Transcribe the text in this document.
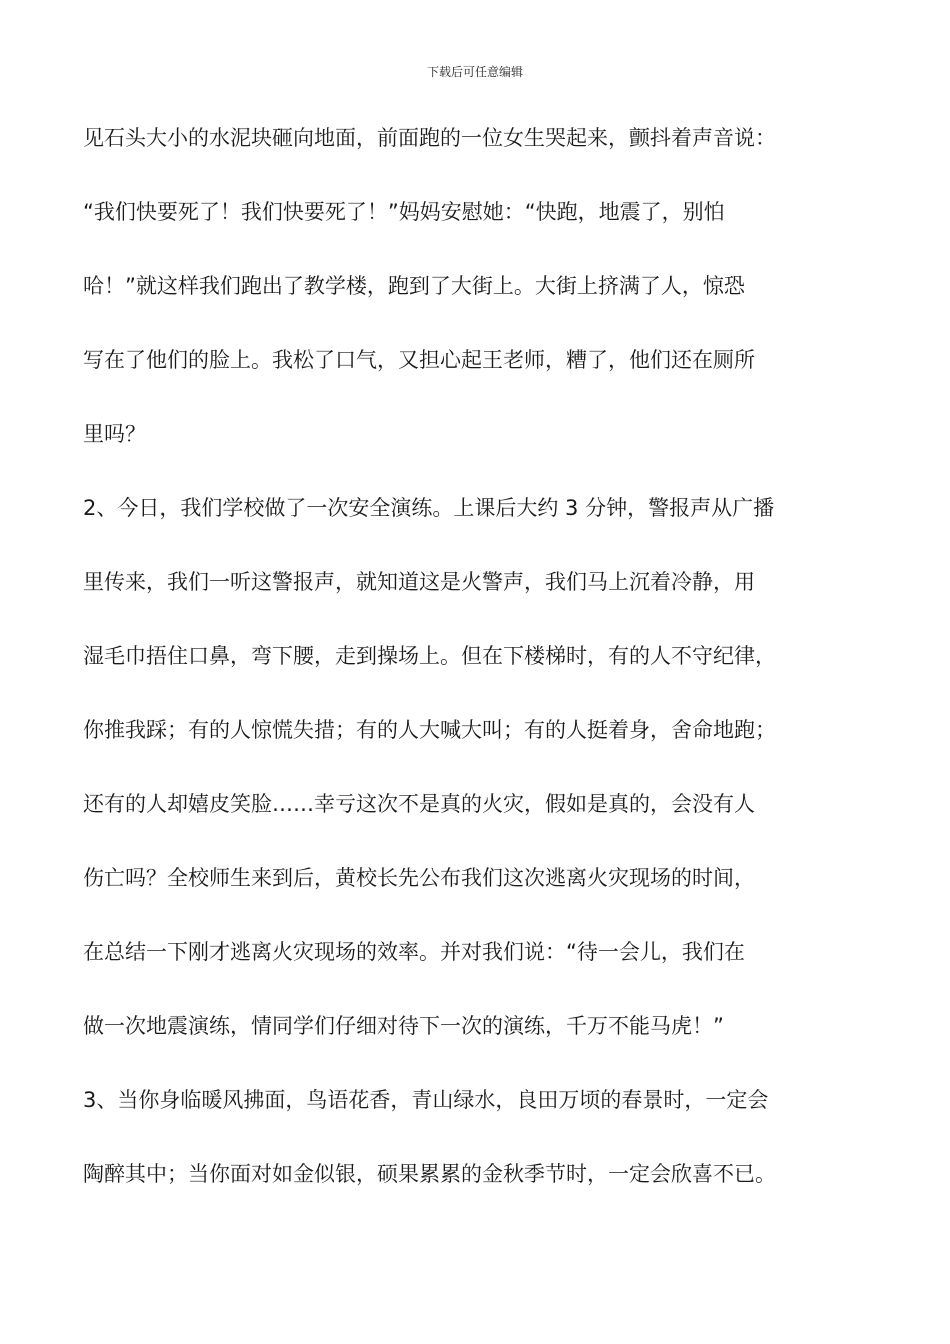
下载后可任意编辑
见石头大小的水泥块砸向地面，前面跑的一位女生哭起来，颤抖着声音说：
“我们快要死了！我们快要死了！”妈妈安慰她：“快跑，地震了，别怕
哈！”就这样我们跑出了教学楼，跑到了大街上。大街上挤满了人，惊恐
写在了他们的脸上。我松了口气，又担心起王老师，糟了，他们还在厕所
里吗？
2、今日，我们学校做了一次安全演练。上课后大约 3 分钟，警报声从广播
里传来，我们一听这警报声，就知道这是火警声，我们马上沉着冷静，用
湿毛巾捂住口鼻，弯下腰，走到操场上。但在下楼梯时，有的人不守纪律，
你推我踩；有的人惊慌失措；有的人大喊大叫；有的人挺着身，舍命地跑；
还有的人却嬉皮笑脸……幸亏这次不是真的火灾，假如是真的，会没有人
伤亡吗？全校师生来到后，黄校长先公布我们这次逃离火灾现场的时间，
在总结一下刚才逃离火灾现场的效率。并对我们说：“待一会儿，我们在
做一次地震演练，情同学们仔细对待下一次的演练，千万不能马虎！”
3、当你身临暖风拂面，鸟语花香，青山绿水，良田万顷的春景时，一定会
陶醉其中；当你面对如金似银，硕果累累的金秋季节时，一定会欣喜不已。
